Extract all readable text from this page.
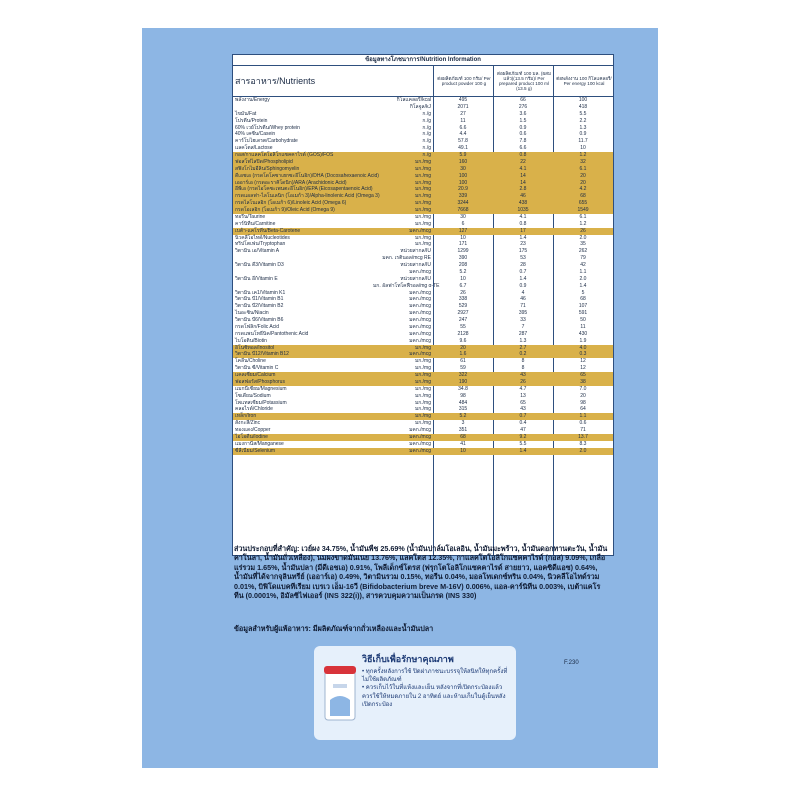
ข้อมูลทางโภชนาการ/Nutrition Information
สารอาหาร/Nutrients	ต่อผลิตภัณฑ์ 100 กรัม/ Per product powder 100 g
ต่อผลิตภัณฑ์ 100 มล. (ผสมแล้ว)(13.5 กรัม)/ Per prepared product 100 ml (13.5 g)
ต่อพลังงาน 100 กิโลแคลอรี/ Per energy 100 kcal
พลังงาน/Energy	กิโลแคลอรี/kcal	495	66	100
กิโลจูล/kJ	2071	276	418
ไขมัน/Fat	ก./g	27	3.6	5.5
โปรตีน/Protein	ก./g	11	1.5	2.2
60% เวย์โปรตีน/Whey protein	ก./g	6.6	0.9	1.3
40% เคซีน/Casein	ก./g	4.4	0.6	0.9
คาร์โบไฮเดรต/Carbohydrate	ก./g	57.8	7.8	11.7
แลคโตส/Lactose	ก./g	49.1	6.6	10
กอส/กาแลคโตโอลิโกแซคคาไรด์ (GOS)/FOS	ก./g	5.9	0.8	1.2
ฟอสโฟไลปิด/Phospholipid	มก./mg	160	22	32
สฟิงโกไมอีลิน/Sphingomyelin	มก./mg	30	4.1	6.1
ดีเอชเอ (กรดโดโคซาเฮกซะอีโนอิก)/DHA (Docosahexaenoic Acid)	มก./mg	100	14	20
เออาร์เอ (กรดอะราคิโดนิก)/ARA (Arachidonic Acid)	มก./mg	100	14	20
อีพีเอ (กรดไอโคซะเพนตะอีโนอิก)/EPA (Eicosapentaenoic Acid)	มก./mg	20.9	2.8	4.2
กรดแอลฟา-ไลโนเลนิก (โอเมก้า 3)/Alpha-linolenic Acid (Omega 3)	มก./mg	339	46	68
กรดไลโนเลอิก (โอเมก้า 6)/Linoleic Acid (Omega 6)	มก./mg	3244	438	655
กรดโอเลอิก (โอเมก้า 9)/Oleic Acid (Omega 9)	มก./mg	7668	1035	1549
ทอรีน/Taurine	มก./mg	30	4.1	6.1
คาร์นิทีน/Carnitine	มก./mg	6	0.8	1.2
เบต้า-แคโรทีน/Beta-Carotene	มคก./mcg	127	17	26
นิวคลีโอไทด์/Nucleotides	มก./mg	10	1.4	2.0
ทริปโตเฟน/Tryptophan	มก./mg	171	23	35
วิตามิน เอ/Vitamin A	หน่วยสากล/IU	1299	175	262
มคก. เรตินอล/mcg RE	390	53	79
วิตามิน ดี3/Vitamin D3	หน่วยสากล/IU	208	28	42
มคก./mcg	5.2	0.7	1.1
วิตามิน อี/Vitamin E	หน่วยสากล/IU	10	1.4	2.0
มก. อัลฟาโทโคฟีรอล/mg α-TE	6.7	0.9	1.4
วิตามิน เค1/Vitamin K1	มคก./mcg	26	4	5
วิตามิน บี1/Vitamin B1	มคก./mcg	338	46	68
วิตามิน บี2/Vitamin B2	มคก./mcg	529	71	107
ไนอะซิน/Niacin	มคก./mcg	2927	395	591
วิตามิน บี6/Vitamin B6	มคก./mcg	247	33	50
กรดโฟลิก/Folic Acid	มคก./mcg	55	7	11
กรดแพนโทธีนิค/Pantothenic Acid	มคก./mcg	2128	287	430
ไบโอติน/Biotin	มคก./mcg	9.6	1.3	1.9
อิโนซิทอล/Inositol	มก./mg	20	2.7	4.0
วิตามิน บี12/Vitamin B12	มคก./mcg	1.6	0.2	0.3
โคลีน/Choline	มก./mg	61	8	12
วิตามิน ซี/Vitamin C	มก./mg	59	8	12
แคลเซียม/Calcium	มก./mg	322	43	65
ฟอสฟอรัส/Phosphorus	มก./mg	190	26	38
แมกนีเซียม/Magnesium	มก./mg	34.8	4.7	7.0
โซเดียม/Sodium	มก./mg	98	13	20
โพแทสเซียม/Potassium	มก./mg	484	65	98
คลอไรด์/Chloride	มก./mg	315	43	64
เหล็ก/Iron	มก./mg	5.2	0.7	1.1
สังกะสี/Zinc	มก./mg	3	0.4	0.6
ทองแดง/Copper	มคก./mcg	351	47	71
ไอโอดีน/Iodine	มคก./mcg	68	9.2	13.7
แมงกานีส/Manganese	มคก./mcg	41	5.5	8.3
ซีลีเนียม/Selenium	มคก./mcg	10	1.4	2.0
ส่วนประกอบที่สำคัญ: เวย์ผง 34.75%, น้ำมันพืช 25.69% (น้ำมันปาล์มโอเลอิน, น้ำมันมะพร้าว, น้ำมันดอกทานตะวัน, น้ำมันคาโนลา, น้ำมันถั่วเหลือง), นมผงขาดมันเนย 13.76%, แลคโตส 12.35%, กาแลคโตโอลิโกแซคคาไรด์ (กอส) 9.09%, เกลือแร่รวม 1.65%, น้ำมันปลา (มีดีเอชเอ) 0.91%, โพลีเด็กซ์โตรส (ฟรุกโตโอลิโกแซคคาไรด์ สายยาว, แอคซิดีแอซ) 0.64%, น้ำมันที่ได้จากจุลินทรีย์ (เออาร์เอ) 0.49%, วิตามินรวม 0.15%, ทอรีน 0.04%, มอลโทเดกซ์ทริน 0.04%, นิวคลีโอไทด์รวม 0.01%, บิฟิโดแบคทีเรียม เบรเว เอ็ม-16วี (Bifidobacterium breve M-16V) 0.006%, แอล-คาร์นิทีน 0.003%, เบต้าแคโรทีน (0.0001%, อิมัลซิไฟเออร์ (INS 322(i)), สารควบคุมความเป็นกรด (INS 330)
ข้อมูลสำหรับผู้แพ้อาหาร: มีผลิตภัณฑ์จากถั่วเหลืองและน้ำมันปลา
F.230
วิธีเก็บเพื่อรักษาคุณภาพ
• ทุกครั้งหลังการใช้ ปิดฝาภาชนะบรรจุให้สนิทให้ทุกครั้งที่ไม่ใช้ผลิตภัณฑ์
• ควรเก็บไว้ในที่แห้งและเย็น หลังจากที่เปิดกระป๋องแล้วควรใช้ให้หมดภายใน 2 อาทิตย์ และห้ามเก็บในตู้เย็นหลังเปิดกระป๋อง
